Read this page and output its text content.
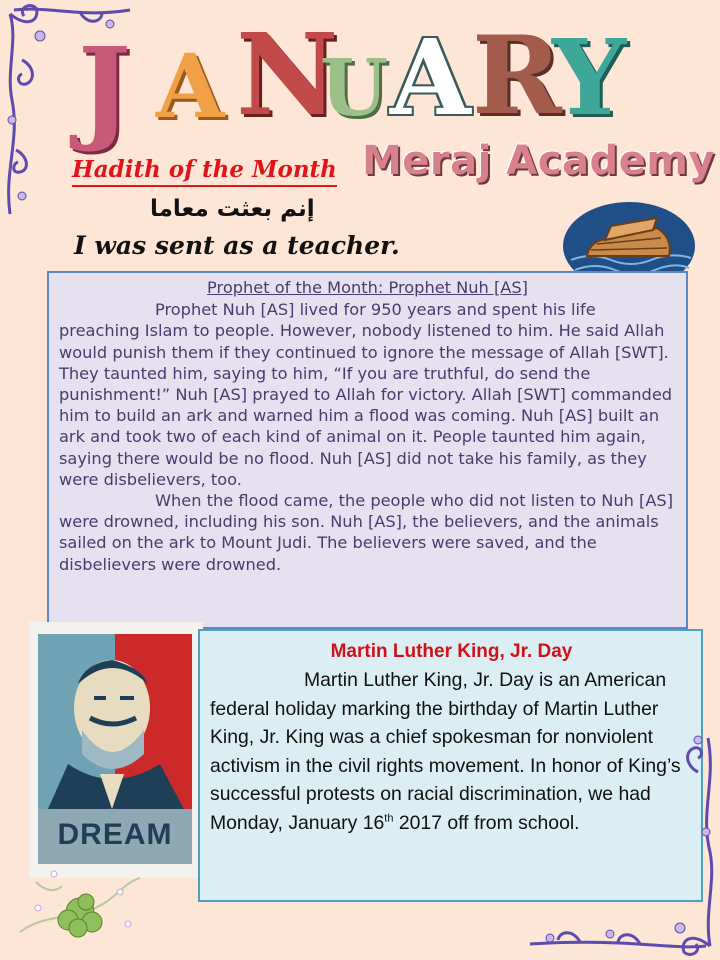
J A N
U A R
Y
Meraj Academy
Hadith of the Month
إنم بعثت معاما
I was sent as a teacher.
Prophet of the Month: Prophet Nuh [AS]

Prophet Nuh [AS] lived for 950 years and spent his life preaching Islam to people. However, nobody listened to him. He said Allah would punish them if they continued to ignore the message of Allah [SWT]. They taunted him, saying to him, “If you are truthful, do send the punishment!” Nuh [AS] prayed to Allah for victory. Allah [SWT] commanded him to build an ark and warned him a flood was coming. Nuh [AS] built an ark and took two of each kind of animal on it. People taunted him again, saying there would be no flood. Nuh [AS] did not take his family, as they were disbelievers, too.

When the flood came, the people who did not listen to Nuh [AS] were drowned, including his son. Nuh [AS], the believers, and the animals sailed on the ark to Mount Judi. The believers were saved, and the disbelievers were drowned.

DREAM
Martin Luther King, Jr. Day

Martin Luther King, Jr. Day is an American federal holiday marking the birthday of Martin Luther King, Jr. King was a chief spokesman for nonviolent activism in the civil rights movement. In honor of King’s successful protests on racial discrimination, we had Monday, January 16th 2017 off from school.
